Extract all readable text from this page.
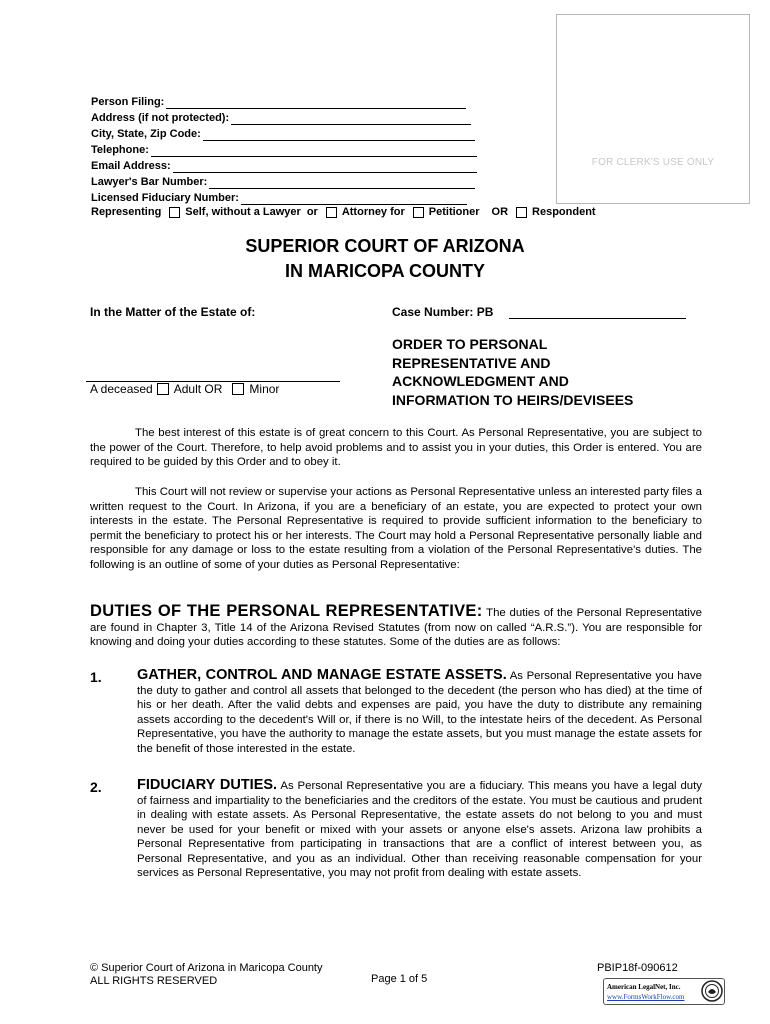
FOR CLERK'S USE ONLY
Person Filing:
Address (if not protected):
City, State, Zip Code:
Telephone:
Email Address:
Lawyer's Bar Number:
Licensed Fiduciary Number:
Representing Self, without a Lawyer or Attorney for Petitioner OR Respondent
SUPERIOR COURT OF ARIZONA
IN MARICOPA COUNTY
In the Matter of the Estate of:	Case Number: PB
A deceased Adult OR Minor
ORDER TO PERSONAL
REPRESENTATIVE AND
ACKNOWLEDGMENT AND
INFORMATION TO HEIRS/DEVISEES

The best interest of this estate is of great concern to this Court. As Personal Representative, you are subject to the power of the Court. Therefore, to help avoid problems and to assist you in your duties, this Order is entered. You are required to be guided by this Order and to obey it.

This Court will not review or supervise your actions as Personal Representative unless an interested party files a written request to the Court. In Arizona, if you are a beneficiary of an estate, you are expected to protect your own interests in the estate. The Personal Representative is required to provide sufficient information to the beneficiary to permit the beneficiary to protect his or her interests. The Court may hold a Personal Representative personally liable and responsible for any damage or loss to the estate resulting from a violation of the Personal Representative's duties. The following is an outline of some of your duties as Personal Representative:

DUTIES OF THE PERSONAL REPRESENTATIVE: The duties of the Personal Representative are found in Chapter 3, Title 14 of the Arizona Revised Statutes (from now on called “A.R.S.”). You are responsible for knowing and doing your duties according to these statutes. Some of the duties are as follows:
1. GATHER, CONTROL AND MANAGE ESTATE ASSETS. As Personal Representative you have the duty to gather and control all assets that belonged to the decedent (the person who has died) at the time of his or her death. After the valid debts and expenses are paid, you have the duty to distribute any remaining assets according to the decedent's Will or, if there is no Will, to the intestate heirs of the decedent. As Personal Representative, you have the authority to manage the estate assets, but you must manage the estate assets for the benefit of those interested in the estate.
2. FIDUCIARY DUTIES. As Personal Representative you are a fiduciary. This means you have a legal duty of fairness and impartiality to the beneficiaries and the creditors of the estate. You must be cautious and prudent in dealing with estate assets. As Personal Representative, the estate assets do not belong to you and must never be used for your benefit or mixed with your assets or anyone else's assets. Arizona law prohibits a Personal Representative from participating in transactions that are a conflict of interest between you, as Personal Representative, and you as an individual. Other than receiving reasonable compensation for your services as Personal Representative, you may not profit from dealing with estate assets.
© Superior Court of Arizona in Maricopa County
ALL RIGHTS RESERVED	Page 1 of 5
PBIP18f-090612
American LegalNet, Inc.
www.FormsWorkFlow.com
